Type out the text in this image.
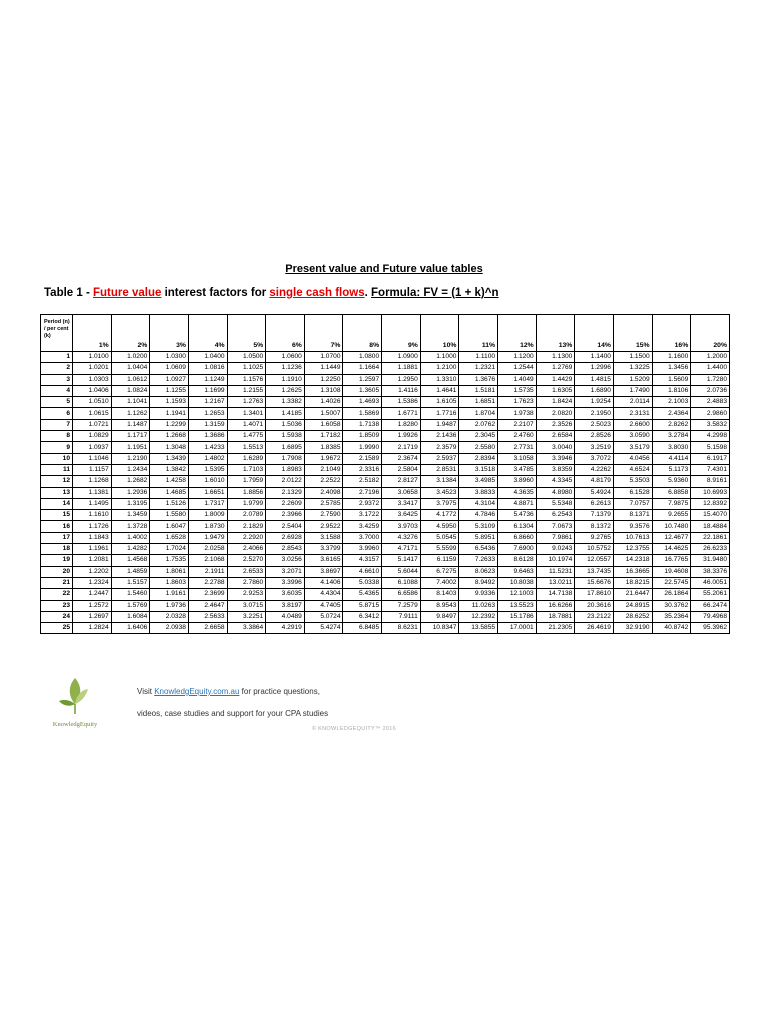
Present value and Future value tables
Table 1 - Future value interest factors for single cash flows. Formula: FV = (1 + k)^n
Period (n) / per cent (k)	1%	2%	3%	4%	5%	6%	7%	8%	9%	10%	11%	12%	13%	14%	15%	16%	20%
1	1.0100	1.0200	1.0300	1.0400	1.0500	1.0600	1.0700	1.0800	1.0900	1.1000	1.1100	1.1200	1.1300	1.1400	1.1500	1.1600	1.2000
2	1.0201	1.0404	1.0609	1.0816	1.1025	1.1236	1.1449	1.1664	1.1881	1.2100	1.2321	1.2544	1.2769	1.2996	1.3225	1.3456	1.4400
3	1.0303	1.0612	1.0927	1.1249	1.1576	1.1910	1.2250	1.2597	1.2950	1.3310	1.3676	1.4049	1.4429	1.4815	1.5209	1.5609	1.7280
4	1.0406	1.0824	1.1255	1.1699	1.2155	1.2625	1.3108	1.3605	1.4116	1.4641	1.5181	1.5735	1.6305	1.6890	1.7490	1.8106	2.0736
5	1.0510	1.1041	1.1593	1.2167	1.2763	1.3382	1.4026	1.4693	1.5386	1.6105	1.6851	1.7623	1.8424	1.9254	2.0114	2.1003	2.4883
6	1.0615	1.1262	1.1941	1.2653	1.3401	1.4185	1.5007	1.5869	1.6771	1.7716	1.8704	1.9738	2.0820	2.1950	2.3131	2.4364	2.9860
7	1.0721	1.1487	1.2299	1.3159	1.4071	1.5036	1.6058	1.7138	1.8280	1.9487	2.0762	2.2107	2.3526	2.5023	2.6600	2.8262	3.5832
8	1.0829	1.1717	1.2668	1.3686	1.4775	1.5938	1.7182	1.8509	1.9926	2.1436	2.3045	2.4760	2.6584	2.8526	3.0590	3.2784	4.2998
9	1.0937	1.1951	1.3048	1.4233	1.5513	1.6895	1.8385	1.9990	2.1719	2.3579	2.5580	2.7731	3.0040	3.2519	3.5179	3.8030	5.1598
10	1.1046	1.2190	1.3439	1.4802	1.6289	1.7908	1.9672	2.1589	2.3674	2.5937	2.8394	3.1058	3.3946	3.7072	4.0456	4.4114	6.1917
11	1.1157	1.2434	1.3842	1.5395	1.7103	1.8983	2.1049	2.3316	2.5804	2.8531	3.1518	3.4785	3.8359	4.2262	4.6524	5.1173	7.4301
12	1.1268	1.2682	1.4258	1.6010	1.7959	2.0122	2.2522	2.5182	2.8127	3.1384	3.4985	3.8960	4.3345	4.8179	5.3503	5.9360	8.9161
13	1.1381	1.2936	1.4685	1.6651	1.8856	2.1329	2.4098	2.7196	3.0658	3.4523	3.8833	4.3635	4.8980	5.4924	6.1528	6.8858	10.6993
14	1.1495	1.3195	1.5126	1.7317	1.9799	2.2609	2.5785	2.9372	3.3417	3.7975	4.3104	4.8871	5.5348	6.2613	7.0757	7.9875	12.8392
15	1.1610	1.3459	1.5580	1.8009	2.0789	2.3966	2.7590	3.1722	3.6425	4.1772	4.7846	5.4736	6.2543	7.1379	8.1371	9.2655	15.4070
16	1.1726	1.3728	1.6047	1.8730	2.1829	2.5404	2.9522	3.4259	3.9703	4.5950	5.3109	6.1304	7.0673	8.1372	9.3576	10.7480	18.4884
17	1.1843	1.4002	1.6528	1.9479	2.2920	2.6928	3.1588	3.7000	4.3276	5.0545	5.8951	6.8660	7.9861	9.2765	10.7613	12.4677	22.1861
18	1.1961	1.4282	1.7024	2.0258	2.4066	2.8543	3.3799	3.9960	4.7171	5.5599	6.5436	7.6900	9.0243	10.5752	12.3755	14.4625	26.6233
19	1.2081	1.4568	1.7535	2.1068	2.5270	3.0256	3.6165	4.3157	5.1417	6.1159	7.2633	8.6128	10.1974	12.0557	14.2318	16.7765	31.9480
20	1.2202	1.4859	1.8061	2.1911	2.6533	3.2071	3.8697	4.6610	5.6044	6.7275	8.0623	9.6463	11.5231	13.7435	16.3665	19.4608	38.3376
21	1.2324	1.5157	1.8603	2.2788	2.7860	3.3996	4.1406	5.0338	6.1088	7.4002	8.9492	10.8038	13.0211	15.6676	18.8215	22.5745	46.0051
22	1.2447	1.5460	1.9161	2.3699	2.9253	3.6035	4.4304	5.4365	6.6586	8.1403	9.9336	12.1003	14.7138	17.8610	21.6447	26.1864	55.2061
23	1.2572	1.5769	1.9736	2.4647	3.0715	3.8197	4.7405	5.8715	7.2579	8.9543	11.0263	13.5523	16.6266	20.3616	24.8915	30.3762	66.2474
24	1.2697	1.6084	2.0328	2.5633	3.2251	4.0489	5.0724	6.3412	7.9111	9.8497	12.2392	15.1786	18.7881	23.2122	28.6252	35.2364	79.4968
25	1.2824	1.6406	2.0938	2.6658	3.3864	4.2919	5.4274	6.8485	8.6231	10.8347	13.5855	17.0001	21.2305	26.4619	32.9190	40.8742	95.3962
KnowledgEquity
Visit KnowledgEquity.com.au for practice questions,
videos, case studies and support for your CPA studies
© KNOWLEDGEQUITY™ 2016
